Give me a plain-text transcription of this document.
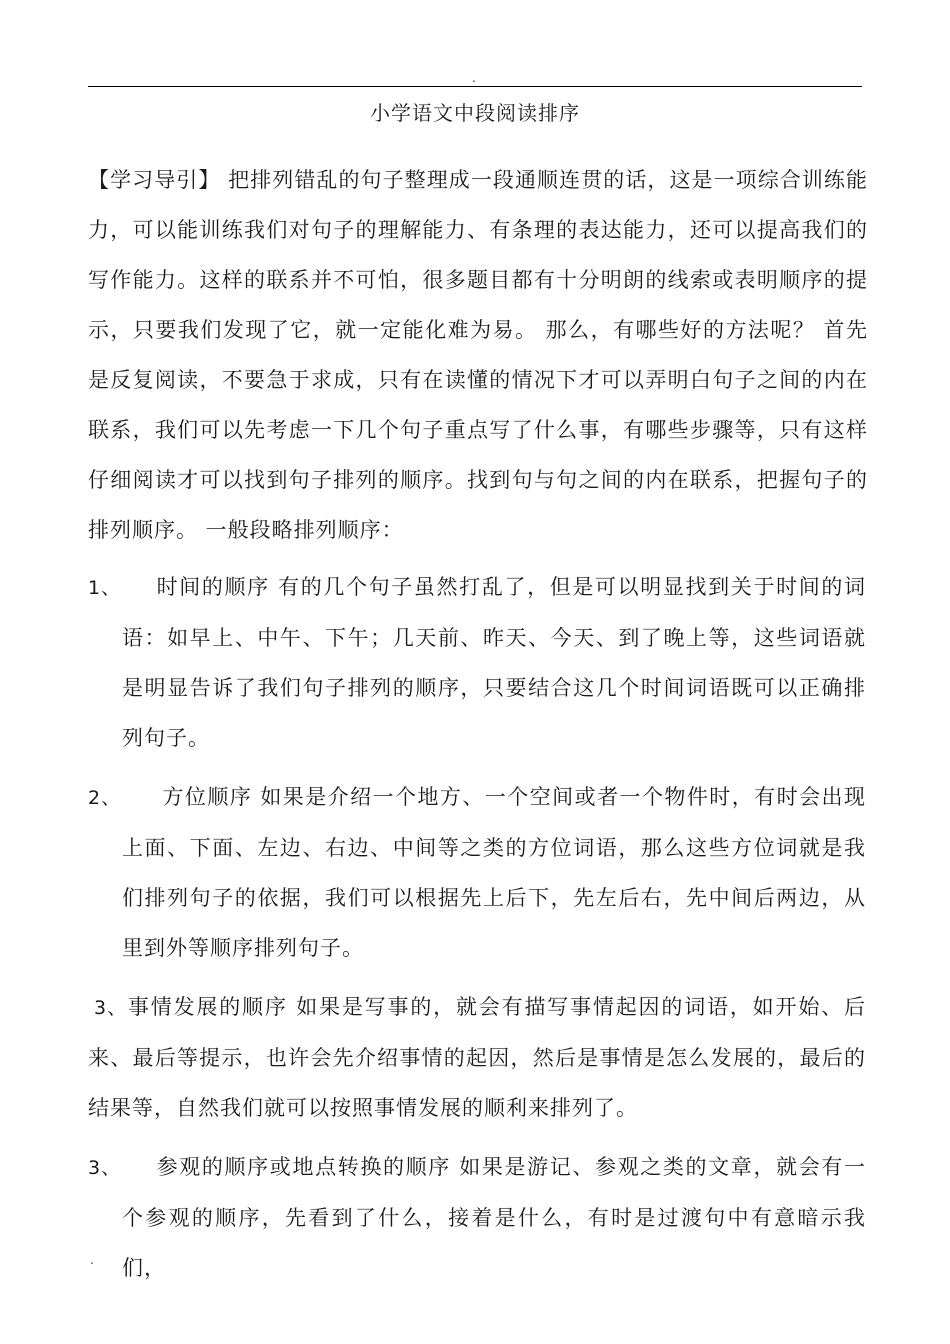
.
小学语文中段阅读排序
【学习导引】 把排列错乱的句子整理成一段通顺连贯的话，这是一项综合训练能力，可以能训练我们对句子的理解能力、有条理的表达能力，还可以提高我们的写作能力。这样的联系并不可怕，很多题目都有十分明朗的线索或表明顺序的提示，只要我们发现了它，就一定能化难为易。 那么，有哪些好的方法呢？ 首先是反复阅读，不要急于求成，只有在读懂的情况下才可以弄明白句子之间的内在联系，我们可以先考虑一下几个句子重点写了什么事，有哪些步骤等，只有这样仔细阅读才可以找到句子排列的顺序。找到句与句之间的内在联系，把握句子的排列顺序。 一般段略排列顺序：
1、 时间的顺序 有的几个句子虽然打乱了，但是可以明显找到关于时间的词语：如早上、中午、下午；几天前、昨天、今天、到了晚上等，这些词语就是明显告诉了我们句子排列的顺序，只要结合这几个时间词语既可以正确排列句子。
2、 方位顺序 如果是介绍一个地方、一个空间或者一个物件时，有时会出现上面、下面、左边、右边、中间等之类的方位词语，那么这些方位词就是我们排列句子的依据，我们可以根据先上后下，先左后右，先中间后两边，从里到外等顺序排列句子。
3、事情发展的顺序 如果是写事的，就会有描写事情起因的词语，如开始、后来、最后等提示，也许会先介绍事情的起因，然后是事情是怎么发展的，最后的结果等，自然我们就可以按照事情发展的顺利来排列了。
3、 参观的顺序或地点转换的顺序 如果是游记、参观之类的文章，就会有一个参观的顺序，先看到了什么，接着是什么，有时是过渡句中有意暗示我们，
.
